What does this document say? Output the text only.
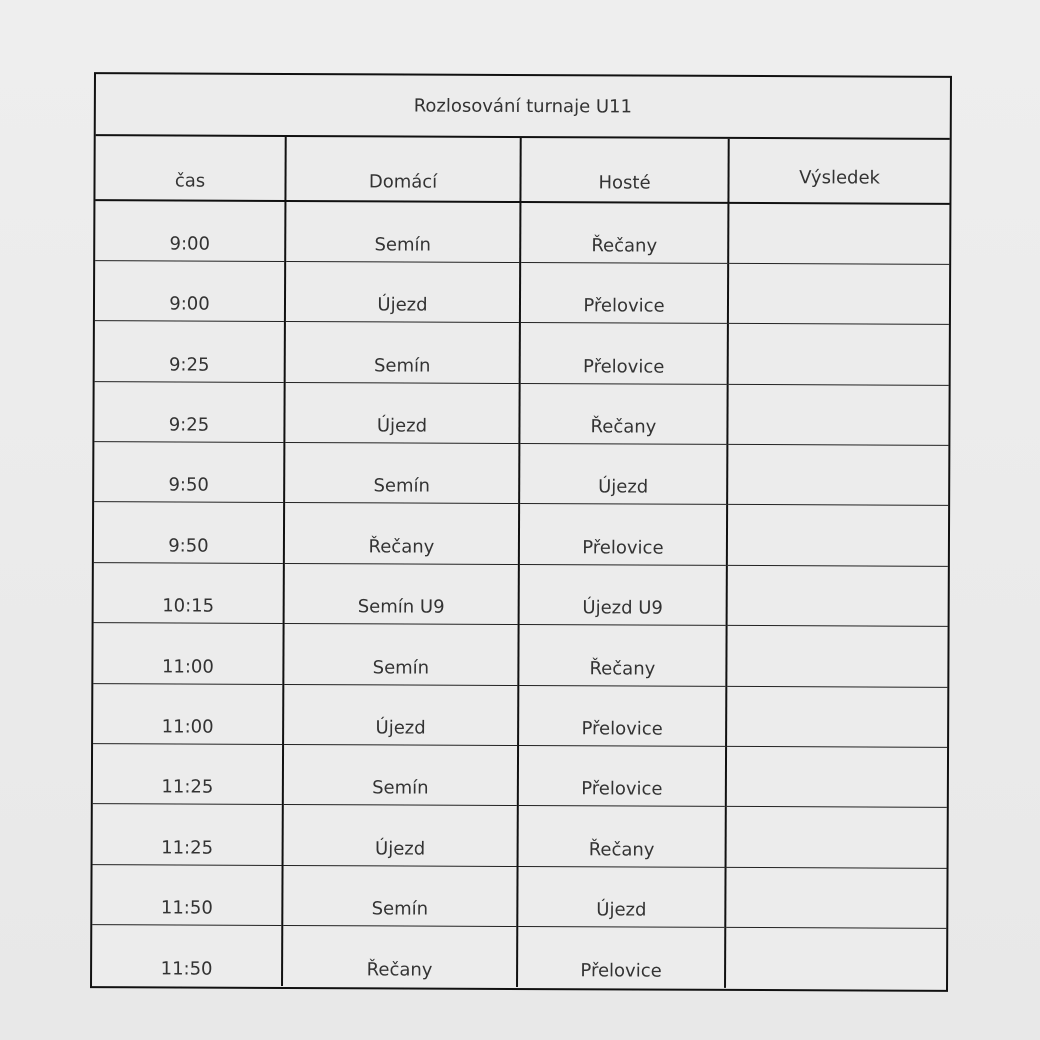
Rozlosování turnaje U11
čas	Domácí	Hosté	Výsledek
9:00	Semín	Řečany	
9:00	Újezd	Přelovice	
9:25	Semín	Přelovice	
9:25	Újezd	Řečany	
9:50	Semín	Újezd	
9:50	Řečany	Přelovice	
10:15	Semín U9	Újezd U9	
11:00	Semín	Řečany	
11:00	Újezd	Přelovice	
11:25	Semín	Přelovice	
11:25	Újezd	Řečany	
11:50	Semín	Újezd	
11:50	Řečany	Přelovice	
